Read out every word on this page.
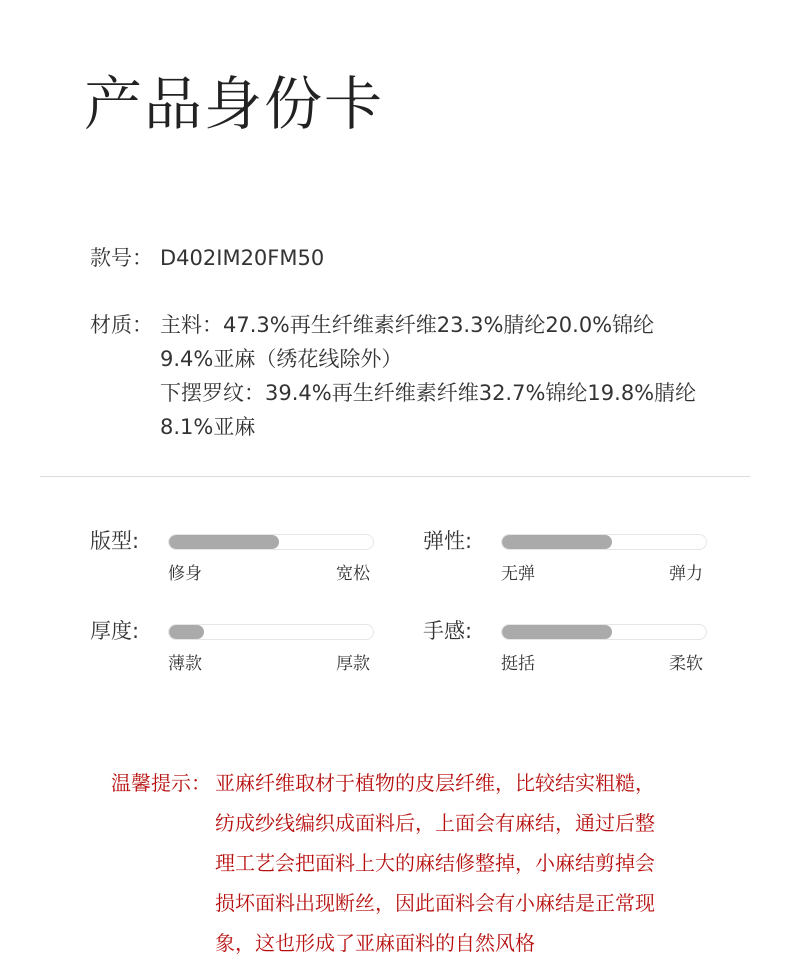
产品身份卡
款号： D402IM20FM50
材质： 主料：47.3%再生纤维素纤维23.3%腈纶20.0%锦纶
9.4%亚麻（绣花线除外）
下摆罗纹：39.4%再生纤维素纤维32.7%锦纶19.8%腈纶
8.1%亚麻
版型:
修身	宽松
弹性:
无弹	弹力
厚度:
薄款	厚款
手感:
挺括	柔软
温馨提示： 亚麻纤维取材于植物的皮层纤维，比较结实粗糙，
纺成纱线编织成面料后，上面会有麻结，通过后整
理工艺会把面料上大的麻结修整掉，小麻结剪掉会
损坏面料出现断丝，因此面料会有小麻结是正常现
象，这也形成了亚麻面料的自然风格
